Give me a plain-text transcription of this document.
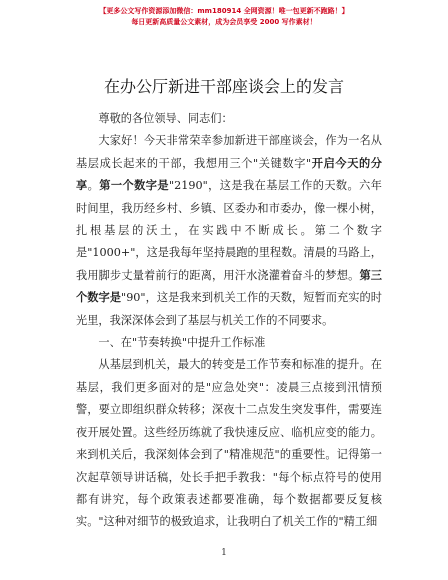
【更多公文写作资源添加微信：mm180914 全网资源！唯一包更新不跑路！】
每日更新高质量公文素材，成为会员享受 2000 写作素材！
在办公厅新进干部座谈会上的发言

尊敬的各位领导、同志们：

大家好！今天非常荣幸参加新进干部座谈会，作为一名从基层成长起来的干部，我想用三个"关键数字"开启今天的分享。第一个数字是"2190"，这是我在基层工作的天数。六年时间里，我历经乡村、乡镇、区委办和市委办，像一棵小树，扎根基层的沃土，在实践中不断成长。第二个数字是"1000+"，这是我每年坚持晨跑的里程数。清晨的马路上，我用脚步丈量着前行的距离，用汗水浇灌着奋斗的梦想。第三个数字是"90"，这是我来到机关工作的天数，短暂而充实的时光里，我深深体会到了基层与机关工作的不同要求。

一、在"节奏转换"中提升工作标准

从基层到机关，最大的转变是工作节奏和标准的提升。在基层，我们更多面对的是"应急处突"：凌晨三点接到汛情预警，要立即组织群众转移；深夜十二点发生突发事件，需要连夜开展处置。这些经历练就了我快速反应、临机应变的能力。来到机关后，我深刻体会到了"精准规范"的重要性。记得第一次起草领导讲话稿，处长手把手教我："每个标点符号的使用都有讲究，每个政策表述都要准确，每个数据都要反复核实。"这种对细节的极致追求，让我明白了机关工作的"精工细

1
